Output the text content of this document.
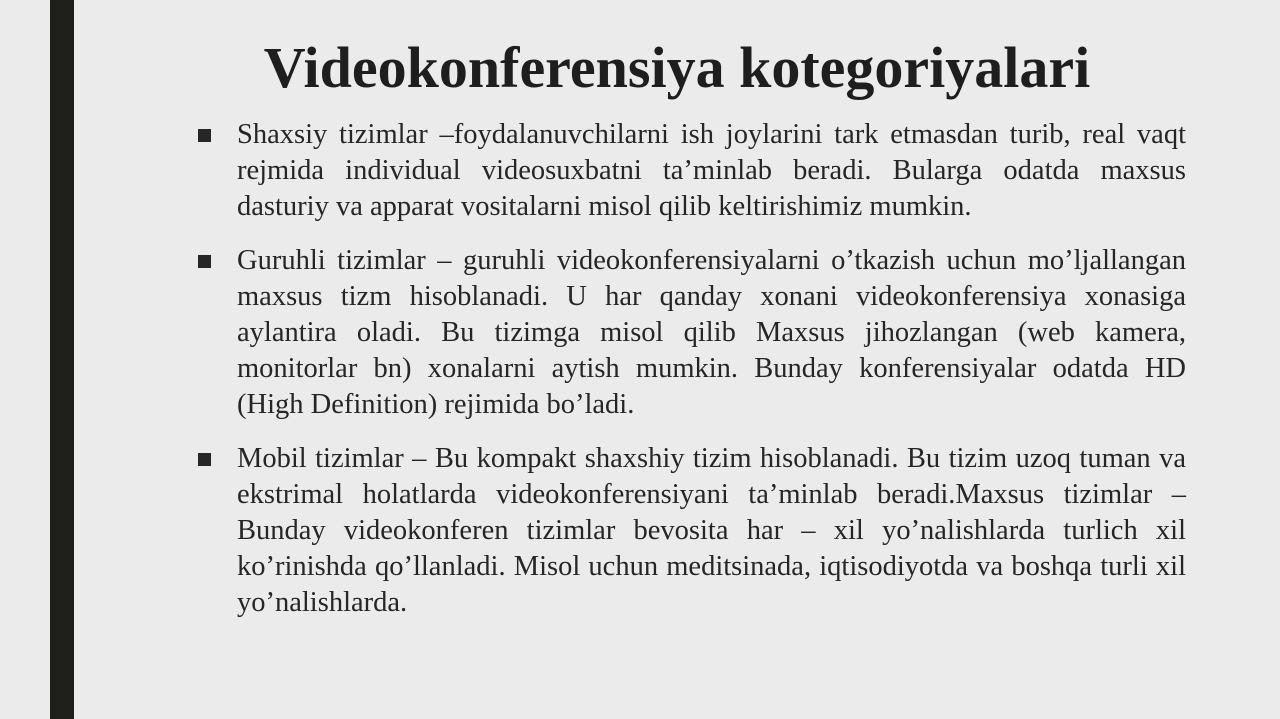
Videokonferensiya kotegoriyalari
Shaxsiy tizimlar –foydalanuvchilarni ish joylarini tark etmasdan turib, real vaqt rejmida individual videosuxbatni ta’minlab beradi. Bularga odatda maxsus dasturiy va apparat vositalarni misol qilib keltirishimiz mumkin.
Guruhli tizimlar – guruhli videokonferensiyalarni o’tkazish uchun mo’ljallangan maxsus tizm hisoblanadi. U har qanday xonani videokonferensiya xonasiga aylantira oladi. Bu tizimga misol qilib Maxsus jihozlangan (web kamera, monitorlar bn) xonalarni aytish mumkin. Bunday konferensiyalar odatda HD (High Definition) rejimida bo’ladi.
Mobil tizimlar – Bu kompakt shaxshiy tizim hisoblanadi. Bu tizim uzoq tuman va ekstrimal holatlarda videokonferensiyani ta’minlab beradi.Maxsus tizimlar – Bunday videokonferen tizimlar bevosita har – xil yo’nalishlarda turlich xil ko’rinishda qo’llanladi. Misol uchun meditsinada, iqtisodiyotda va boshqa turli xil yo’nalishlarda.
